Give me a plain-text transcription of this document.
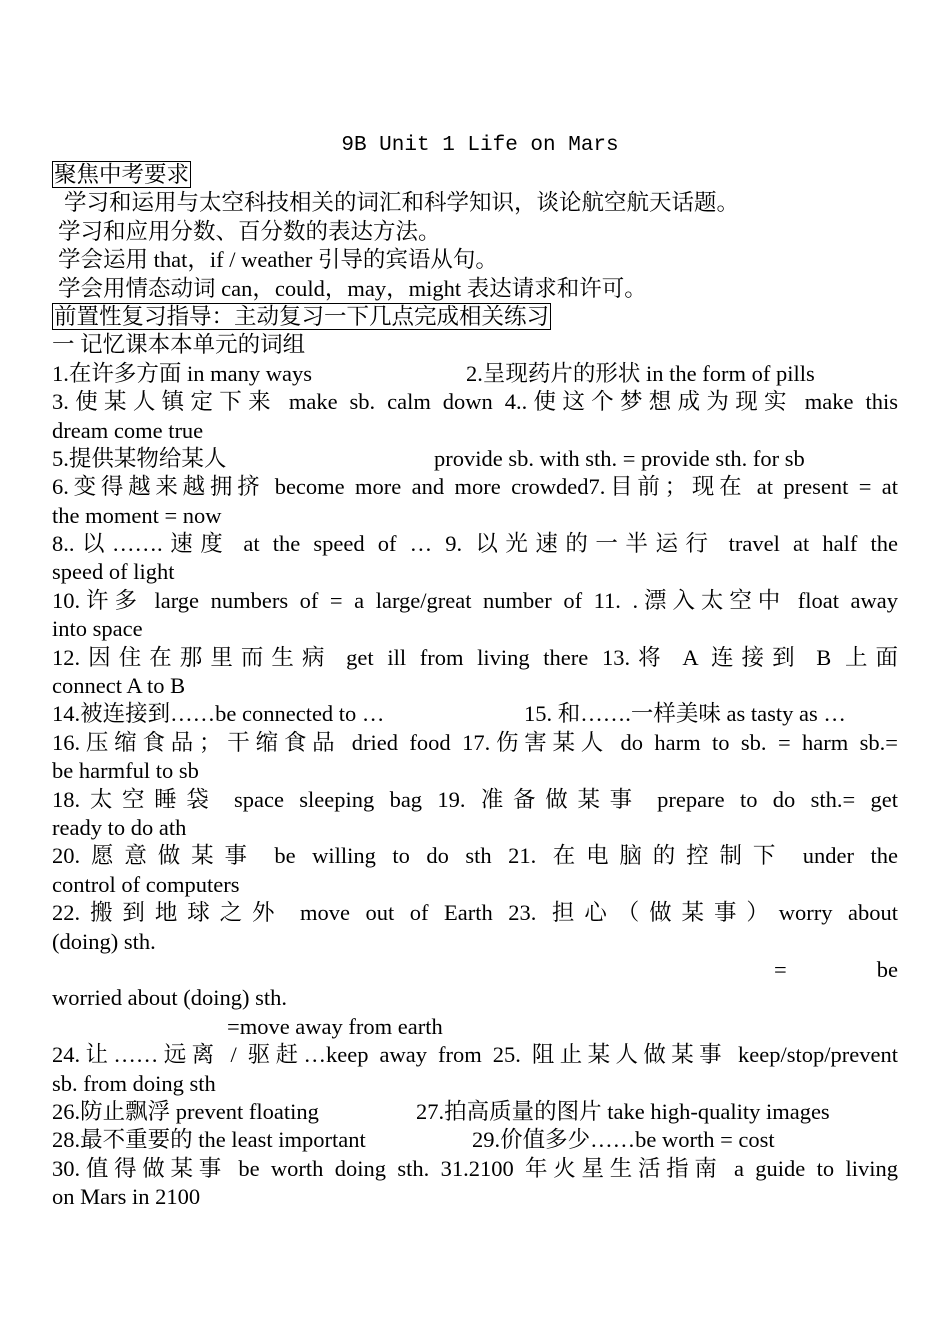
9B Unit 1 Life on Mars
聚焦中考要求
学习和运用与太空科技相关的词汇和科学知识，谈论航空航天话题。
学习和应用分数、百分数的表达方法。
学会运用 that，if / weather 引导的宾语从句。
学会用情态动词 can，could，may，might 表达请求和许可。
前置性复习指导：主动复习一下几点完成相关练习
一 记忆课本本单元的词组
1.在许多方面 in many ways	2.呈现药片的形状 in the form of pills
3.使某人镇定下来 make sb. calm down 4..使这个梦想成为现实 make this
dream come true
5.提供某物给某人	provide sb. with sth. = provide sth. for sb
6.变得越来越拥挤 become more and more crowded7.目前；现在 at present = at
the moment = now
8..以…….速度 at the speed of … 9. 以光速的一半运行 travel at half the
speed of light
10.许多 large numbers of = a large/great number of 11. .漂入太空中 float away
into space
12.因住在那里而生病 get ill from living there 13.将 A 连接到 B 上面
connect A to B
14.被连接到……be connected to …	15. 和…….一样美味 as tasty as …
16.压缩食品；干缩食品 dried food 17.伤害某人 do harm to sb. = harm sb.=
be harmful to sb
18.太空睡袋 space sleeping bag 19. 准备做某事 prepare to do sth.= get
ready to do ath
20.愿意做某事 be willing to do sth 21. 在电脑的控制下 under the
control of computers
22.搬到地球之外 move out of Earth 23. 担心（做某事）worry about
(doing) sth.
=	be
worried about (doing) sth.
=move away from earth
24.让……远离 / 驱赶…keep away from 25. 阻止某人做某事 keep/stop/prevent
sb. from doing sth
26.防止飘浮 prevent floating	27.拍高质量的图片 take high-quality images
28.最不重要的 the least important	29.价值多少……be worth = cost
30.值得做某事 be worth doing sth. 31.2100 年火星生活指南 a guide to living
on Mars in 2100
